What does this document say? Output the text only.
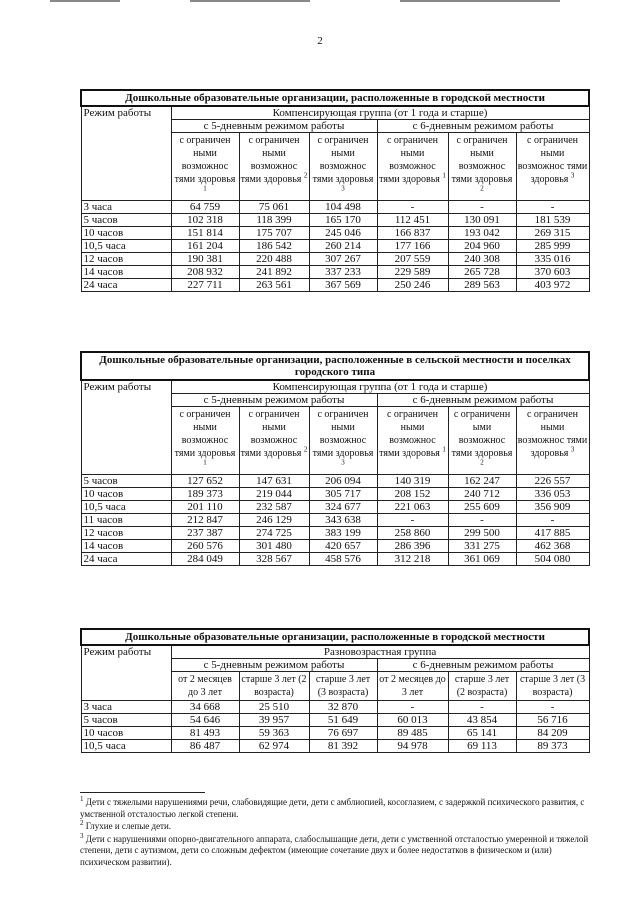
2
Дошкольные образовательные организации, расположенные в городской местности						
Режим работы	Компенсирующая группа (от 1 года и старше)					
	с 5-дневным режимом работы			с 6-дневным режимом работы		
	с ограничен ными возможнос тями здоровья $^1$	с ограничен ными возможнос тями здоровья $^2$	с ограничен ными возможнос тями здоровья $^3$	с ограничен ными возможнос тями здоровья $^1$	с ограничен ными возможнос тями здоровья $^2$	с ограничен ными возможнос тями здоровья $^3$
3 часа	64 759	75 061	104 498	-	-	-
5 часов	102 318	118 399	165 170	112 451	130 091	181 539
10 часов	151 814	175 707	245 046	166 837	193 042	269 315
10,5 часа	161 204	186 542	260 214	177 166	204 960	285 999
12 часов	190 381	220 488	307 267	207 559	240 308	335 016
14 часов	208 932	241 892	337 233	229 589	265 728	370 603
24 часа	227 711	263 561	367 569	250 246	289 563	403 972
Дошкольные образовательные организации, расположенные в сельской местности и поселках городского типа						
Режим работы	Компенсирующая группа (от 1 года и старше)					
	с 5-дневным режимом работы			с 6-дневным режимом работы		
	с ограничен ными возможнос тями здоровья $^1$	с ограничен ными возможнос тями здоровья $^2$	с ограничен ными возможнос тями здоровья $^3$	с ограничен ными возможнос тями здоровья $^1$	с ограниченн ыми возможнос тями здоровья $^2$	с ограничен ными возможнос тями здоровья $^3$
5 часов	127 652	147 631	206 094	140 319	162 247	226 557
10 часов	189 373	219 044	305 717	208 152	240 712	336 053
10,5 часа	201 110	232 587	324 677	221 063	255 609	356 909
11 часов	212 847	246 129	343 638	-	-	-
12 часов	237 387	274 725	383 199	258 860	299 500	417 885
14 часов	260 576	301 480	420 657	286 396	331 275	462 368
24 часа	284 049	328 567	458 576	312 218	361 069	504 080
Дошкольные образовательные организации, расположенные в городской местности						
Режим работы	Разновозрастная группа					
	с 5-дневным режимом работы			с 6-дневным режимом работы		
	от 2 месяцев до 3 лет	старше 3 лет (2 возраста)	старше 3 лет (3 возраста)	от 2 месяцев до 3 лет	старше 3 лет (2 возраста)	старше 3 лет (3 возраста)
3 часа	34 668	25 510	32 870	-	-	-
5 часов	54 646	39 957	51 649	60 013	43 854	56 716
10 часов	81 493	59 363	76 697	89 485	65 141	84 209
10,5 часа	86 487	62 974	81 392	94 978	69 113	89 373
$^1$ Дети с тяжелыми нарушениями речи, слабовидящие дети, дети с амблиопией, косоглазием, с задержкой психического развития, с умственной отсталостью легкой степени.
$^2$ Глухие и слепые дети.
$^3$ Дети с нарушениями опорно-двигательного аппарата, слабослышащие дети, дети с умственной отсталостью умеренной и тяжелой степени, дети с аутизмом, дети со сложным дефектом (имеющие сочетание двух и более недостатков в физическом и (или) психическом развитии).
